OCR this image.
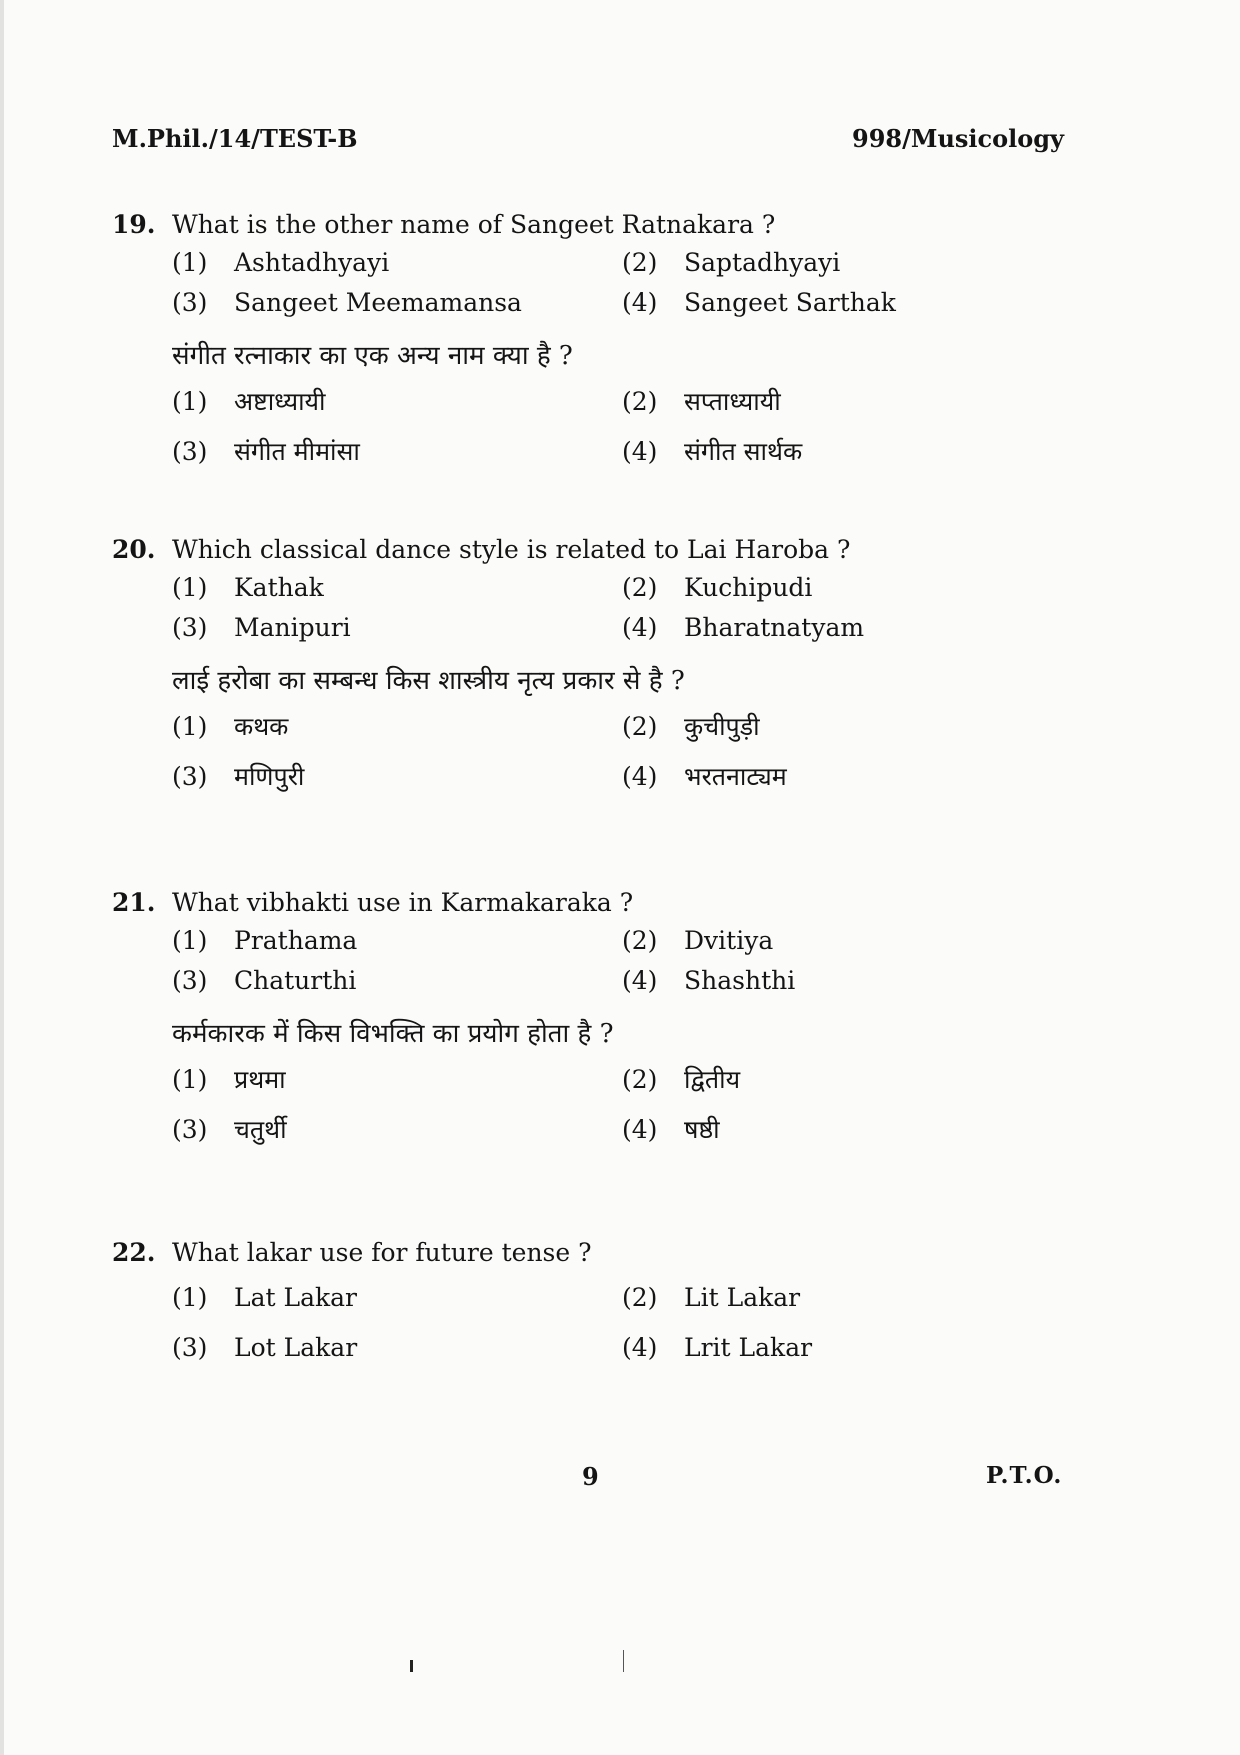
M.Phil./14/TEST-B	998/Musicology
19. What is the other name of Sangeet Ratnakara ?
(1)	Ashtadhyayi	(2)	Saptadhyayi
(3)	Sangeet Meemamansa	(4)	Sangeet Sarthak
संगीत रत्नाकार का एक अन्य नाम क्या है ?
(1)	अष्टाध्यायी	(2)	सप्ताध्यायी
(3)	संगीत मीमांसा	(4)	संगीत सार्थक
20. Which classical dance style is related to Lai Haroba ?
(1)	Kathak	(2)	Kuchipudi
(3)	Manipuri	(4)	Bharatnatyam
लाई हरोबा का सम्बन्ध किस शास्त्रीय नृत्य प्रकार से है ?
(1)	कथक	(2)	कुचीपुड़ी
(3)	मणिपुरी	(4)	भरतनाट्यम
21. What vibhakti use in Karmakaraka ?
(1)	Prathama	(2)	Dvitiya
(3)	Chaturthi	(4)	Shashthi
कर्मकारक में किस विभक्ति का प्रयोग होता है ?
(1)	प्रथमा	(2)	द्वितीय
(3)	चतुर्थी	(4)	षष्ठी
22. What lakar use for future tense ?
(1)	Lat Lakar	(2)	Lit Lakar
(3)	Lot Lakar	(4)	Lrit Lakar
9	P.T.O.
